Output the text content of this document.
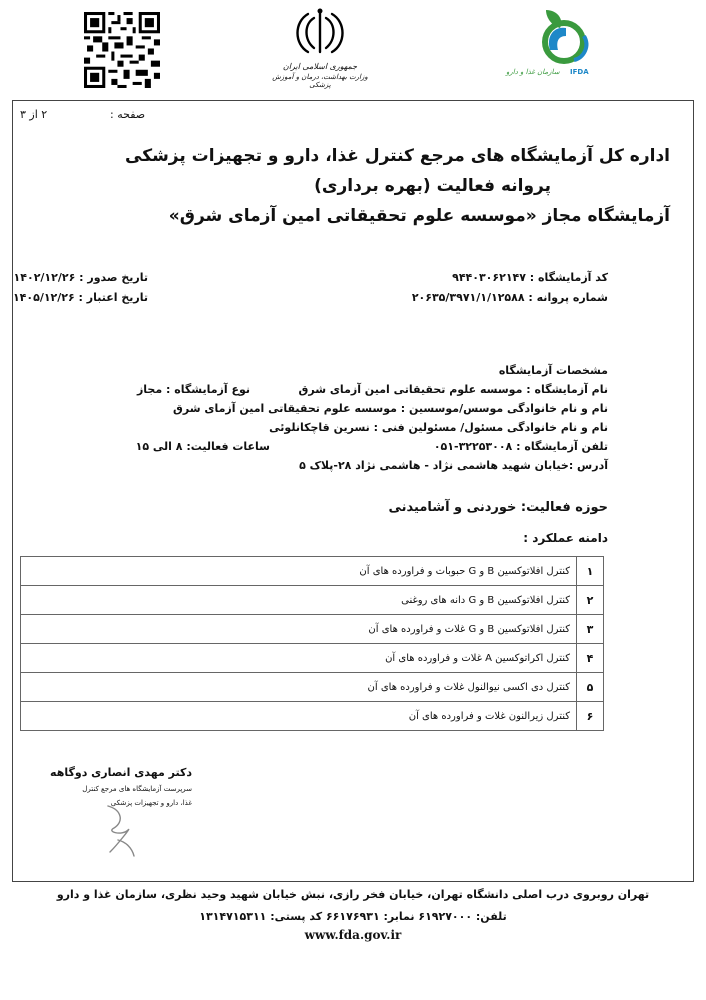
جمهوری اسلامی ایران
وزارت بهداشت، درمان و آموزش پزشکی
سازمان غذا و دارو IFDA
۲ از ۳	صفحه :
اداره کل آزمایشگاه های مرجع کنترل غذا، دارو و تجهیزات پزشکی
پروانه فعالیت (بهره برداری)
آزمایشگاه مجاز «موسسه علوم تحقیقاتی امین آزمای شرق»
کد آزمایشگاه : ۹۴۴۰۳۰۶۲۱۴۷
شماره پروانه : ۲۰۶۳۵/۳۹۷۱/۱/۱۲۵۸۸
تاریخ صدور : ۱۴۰۲/۱۲/۲۶
تاریخ اعتبار : ۱۴۰۵/۱۲/۲۶
مشخصات آزمایشگاه
نام آزمایشگاه : موسسه علوم تحقیقاتی امین آزمای شرق
نوع آزمایشگاه : مجاز
نام و نام خانوادگی موسس/موسسین : موسسه علوم تحقیقاتی امین آزمای شرق
نام و نام خانوادگی مسئول/ مسئولین فنی : نسرین قاچکانلوئی
تلفن آزمایشگاه : ۳۲۲۵۳۰۰۸-۰۵۱
ساعات فعالیت: ۸ الی ۱۵
آدرس :خیابان شهید هاشمی نژاد - هاشمی نژاد ۲۸-پلاک ۵
حوزه فعالیت: خوردنی و آشامیدنی
دامنه عملکرد :
۱	کنترل افلاتوکسین B و G حبوبات و فراورده های آن
۲	کنترل افلاتوکسین B و G دانه های روغنی
۳	کنترل افلاتوکسین B و G غلات و فراورده های آن
۴	کنترل اکراتوکسین A غلات و فراورده های آن
۵	کنترل دی اکسی نیوالنول غلات و فراورده های آن
۶	کنترل زیرالنون غلات و فراورده های آن
دکتر مهدی انصاری دوگاهه
سرپرست آزمایشگاه های مرجع کنترل
غذا، دارو و تجهیزات پزشکی
تهران روبروی درب اصلی دانشگاه تهران، خیابان فخر رازی، نبش خیابان شهید وحید نظری، سازمان غذا و دارو
تلفن: ۶۱۹۲۷۰۰۰ نمابر: ۶۶۱۷۶۹۳۱ کد پستی: ۱۳۱۴۷۱۵۳۱۱
www.fda.gov.ir
